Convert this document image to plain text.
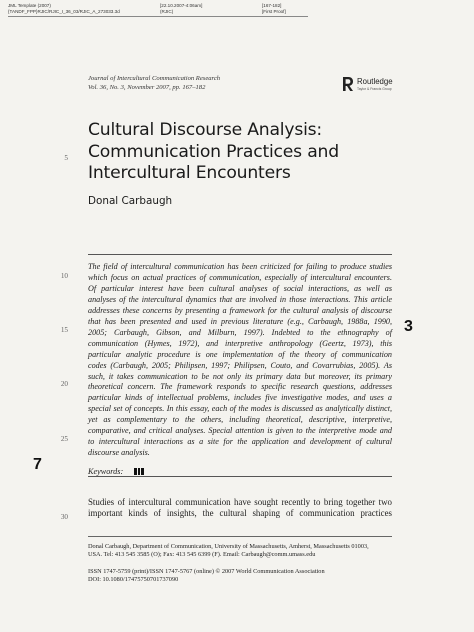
JML Template (2007)
{TANDF_FPP}RJIC/RJIC_I_36_03/RJIC_A_273033.3d
[22.10.2007-4:06am]
(RJIC)
[167-182]
[First Proof]
Journal of Intercultural Communication Research
Vol. 36, No. 3, November 2007, pp. 167–182
Routledge
Taylor & Francis Group
Cultural Discourse Analysis:
Communication Practices and
Intercultural Encounters
Donal Carbaugh
5
10
15
20
25
30
3
7
The field of intercultural communication has been criticized for failing to produce studies
which focus on actual practices of communication, especially of intercultural encounters.
Of particular interest have been cultural analyses of social interactions, as well as
analyses of the intercultural dynamics that are involved in those interactions. This article
addresses these concerns by presenting a framework for the cultural analysis of discourse
that has been presented and used in previous literature (e.g., Carbaugh, 1988a, 1990,
2005; Carbaugh, Gibson, and Milburn, 1997). Indebted to the ethnography of
communication (Hymes, 1972), and interpretive anthropology (Geertz, 1973), this
particular analytic procedure is one implementation of the theory of communication
codes (Carbaugh, 2005; Philipsen, 1997; Philipsen, Couto, and Covarrubias, 2005). As
such, it takes communication to be not only its primary data but moreover, its primary
theoretical concern. The framework responds to specific research questions, addresses
particular kinds of intellectual problems, includes five investigative modes, and uses a
special set of concepts. In this essay, each of the modes is discussed as analytically distinct,
yet as complementary to the others, including theoretical, descriptive, interpretive,
comparative, and critical analyses. Special attention is given to the interpretive mode and
to intercultural interactions as a site for the application and development of cultural
discourse analysis.
Keywords:
Studies of intercultural communication have sought recently to bring together two
important kinds of insights, the cultural shaping of communication practices
Donal Carbaugh, Department of Communication, University of Massachusetts, Amherst, Massachusetts 01003,
USA. Tel: 413 545 3585 (O); Fax: 413 545 6399 (F). Email: Carbaugh@comm.umass.edu
ISSN 1747-5759 (print)/ISSN 1747-5767 (online) © 2007 World Communication Association
DOI: 10.1080/17475750701737090
